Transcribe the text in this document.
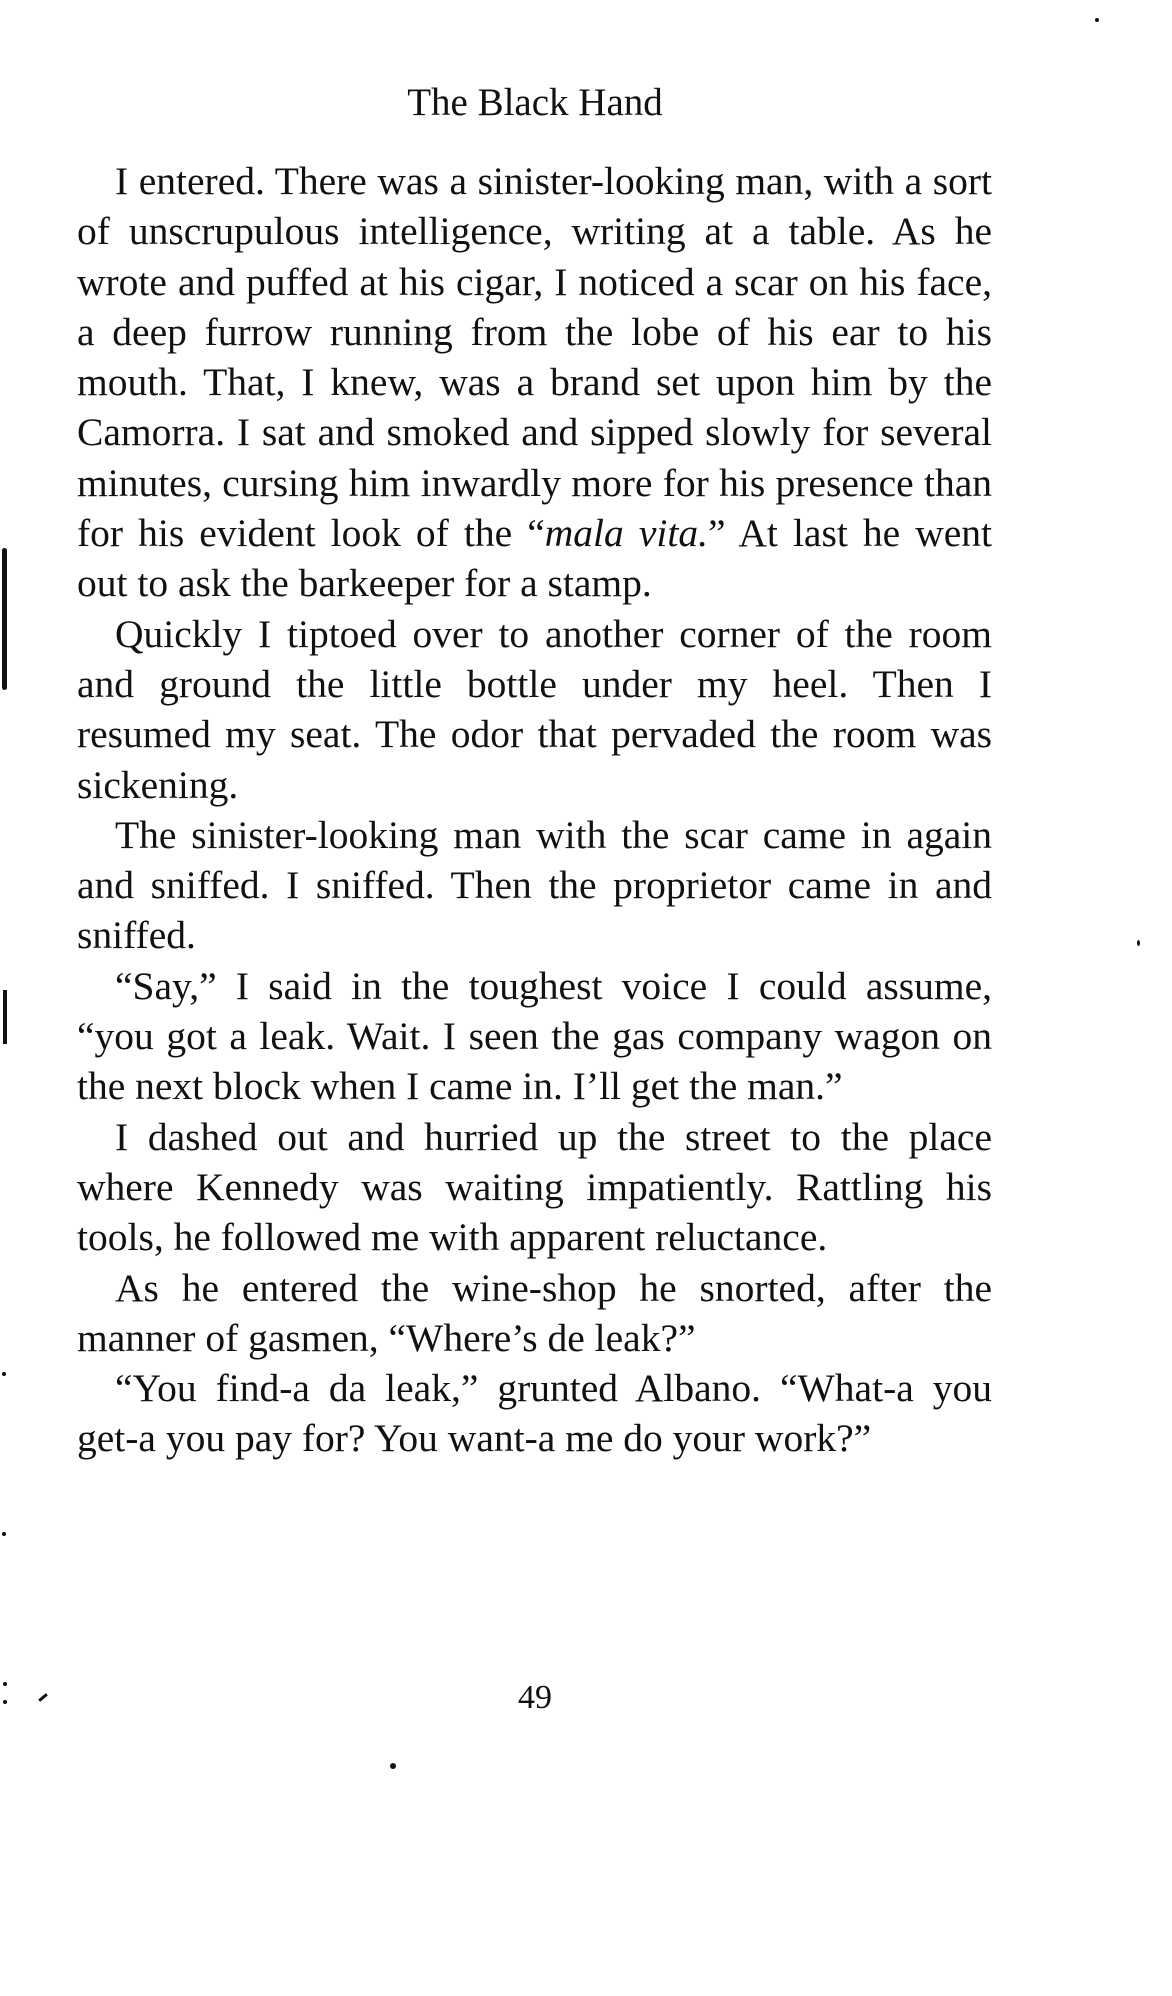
The Black Hand

I entered. There was a sinister-looking man, with a sort of unscrupulous intelligence, writing at a table. As he wrote and puffed at his cigar, I noticed a scar on his face, a deep furrow running from the lobe of his ear to his mouth. That, I knew, was a brand set upon him by the Camorra. I sat and smoked and sipped slowly for several minutes, cursing him inwardly more for his presence than for his evident look of the “mala vita.” At last he went out to ask the barkeeper for a stamp.

Quickly I tiptoed over to another corner of the room and ground the little bottle under my heel. Then I resumed my seat. The odor that pervaded the room was sickening.

The sinister-looking man with the scar came in again and sniffed. I sniffed. Then the proprietor came in and sniffed.

“Say,” I said in the toughest voice I could assume, “you got a leak. Wait. I seen the gas company wagon on the next block when I came in. I’ll get the man.”

I dashed out and hurried up the street to the place where Kennedy was waiting impatiently. Rattling his tools, he followed me with apparent reluctance.

As he entered the wine-shop he snorted, after the manner of gasmen, “Where’s de leak?”

“You find-a da leak,” grunted Albano. “What-a you get-a you pay for? You want-a me do your work?”

49
